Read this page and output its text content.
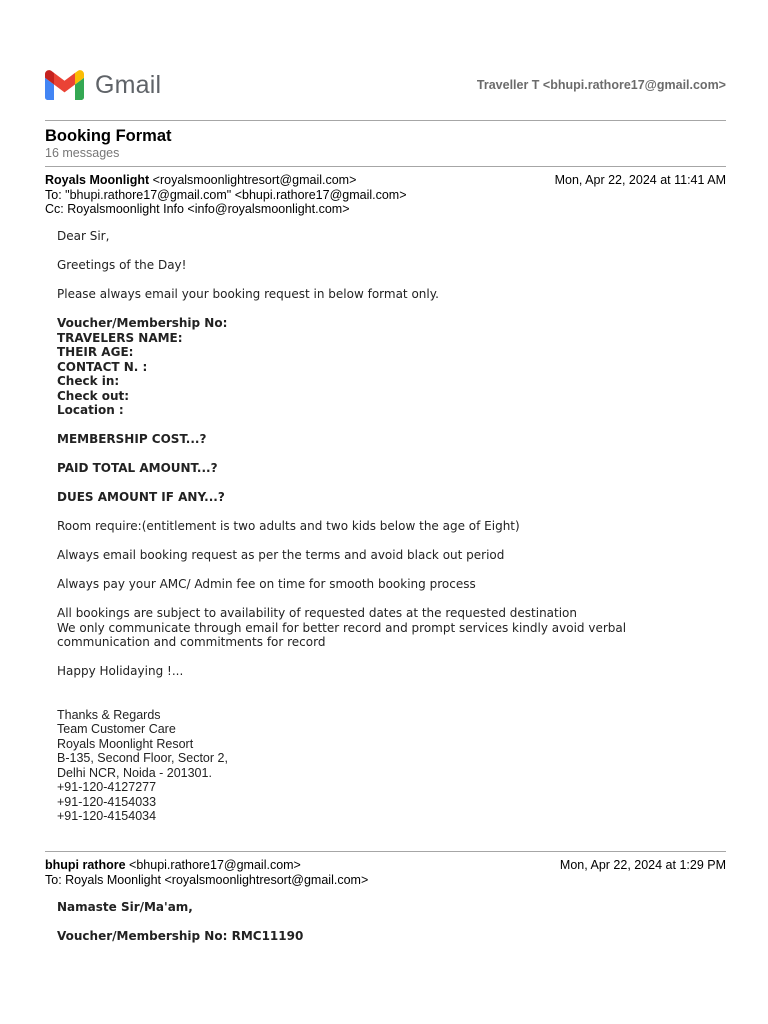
Gmail	Traveller T <bhupi.rathore17@gmail.com>
Booking Format
16 messages
Royals Moonlight <royalsmoonlightresort@gmail.com>	Mon, Apr 22, 2024 at 11:41 AM
To: "bhupi.rathore17@gmail.com" <bhupi.rathore17@gmail.com>
Cc: Royalsmoonlight Info <info@royalsmoonlight.com>

Dear Sir,

Greetings of the Day!

Please always email your booking request in below format only.

Voucher/Membership No:

TRAVELERS NAME:

THEIR AGE:

CONTACT N. :

Check in:

Check out:

Location :

MEMBERSHIP COST...?

PAID TOTAL AMOUNT...?

DUES AMOUNT IF ANY...?

Room require:(entitlement is two adults and two kids below the age of Eight)

Always email booking request as per the terms and avoid black out period

Always pay your AMC/ Admin fee on time for smooth booking process

All bookings are subject to availability of requested dates at the requested destination

We only communicate through email for better record and prompt services kindly avoid verbal communication and commitments for record

Happy Holidaying !...

Thanks & Regards

Team Customer Care

Royals Moonlight Resort

B-135, Second Floor, Sector 2,

Delhi NCR, Noida - 201301.

+91-120-4127277

+91-120-4154033

+91-120-4154034

bhupi rathore <bhupi.rathore17@gmail.com>	Mon, Apr 22, 2024 at 1:29 PM
To: Royals Moonlight <royalsmoonlightresort@gmail.com>

Namaste Sir/Ma'am,

Voucher/Membership No: RMC11190
